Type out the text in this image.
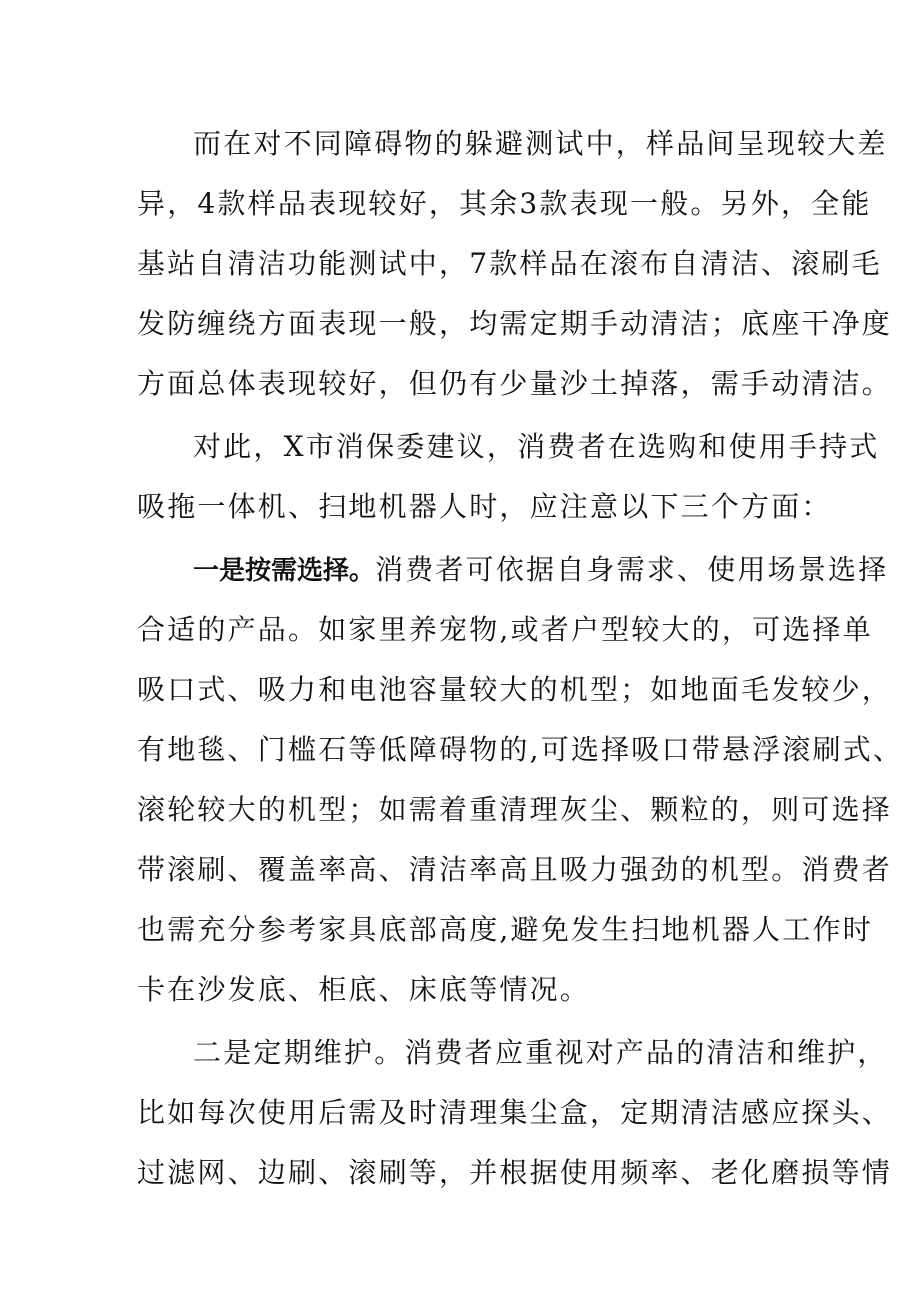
而在对不同障碍物的躲避测试中，样品间呈现较大差
异，4款样品表现较好，其余3款表现一般。另外，全能
基站自清洁功能测试中，7款样品在滚布自清洁、滚刷毛
发防缠绕方面表现一般，均需定期手动清洁；底座干净度
方面总体表现较好，但仍有少量沙土掉落，需手动清洁。
对此，X市消保委建议，消费者在选购和使用手持式
吸拖一体机、扫地机器人时，应注意以下三个方面：
一是按需选择。消费者可依据自身需求、使用场景选择
合适的产品。如家里养宠物,或者户型较大的，可选择单
吸口式、吸力和电池容量较大的机型；如地面毛发较少，
有地毯、门槛石等低障碍物的,可选择吸口带悬浮滚刷式、
滚轮较大的机型；如需着重清理灰尘、颗粒的，则可选择
带滚刷、覆盖率高、清洁率高且吸力强劲的机型。消费者
也需充分参考家具底部高度,避免发生扫地机器人工作时
卡在沙发底、柜底、床底等情况。
二是定期维护。消费者应重视对产品的清洁和维护，
比如每次使用后需及时清理集尘盒，定期清洁感应探头、
过滤网、边刷、滚刷等，并根据使用频率、老化磨损等情
